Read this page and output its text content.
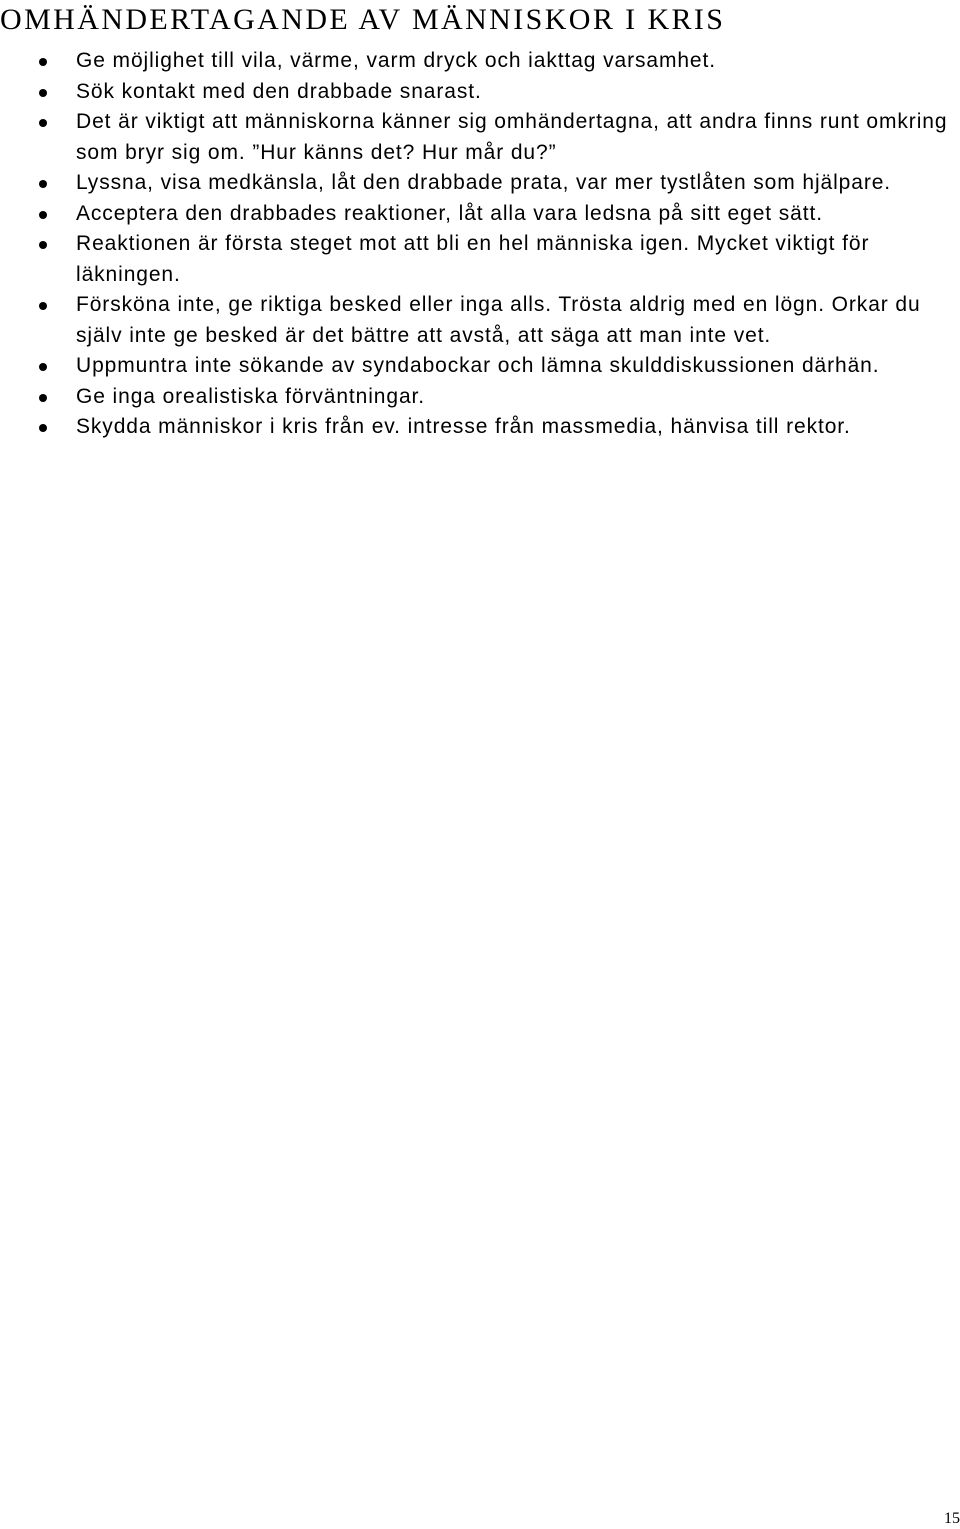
OMHÄNDERTAGANDE AV MÄNNISKOR I KRIS
Ge möjlighet till vila, värme, varm dryck och iakttag varsamhet.
Sök kontakt med den drabbade snarast.
Det är viktigt att människorna känner sig omhändertagna, att andra finns runt omkring som bryr sig om. ”Hur känns det? Hur mår du?”
Lyssna, visa medkänsla, låt den drabbade prata, var mer tystlåten som hjälpare.
Acceptera den drabbades reaktioner, låt alla vara ledsna på sitt eget sätt.
Reaktionen är första steget mot att bli en hel människa igen. Mycket viktigt för läkningen.
Försköna inte, ge riktiga besked eller inga alls. Trösta aldrig med en lögn. Orkar du själv inte ge besked är det bättre att avstå, att säga att man inte vet.
Uppmuntra inte sökande av syndabockar och lämna skulddiskussionen därhän.
Ge inga orealistiska förväntningar.
Skydda människor i kris från ev. intresse från massmedia, hänvisa till rektor.
15
